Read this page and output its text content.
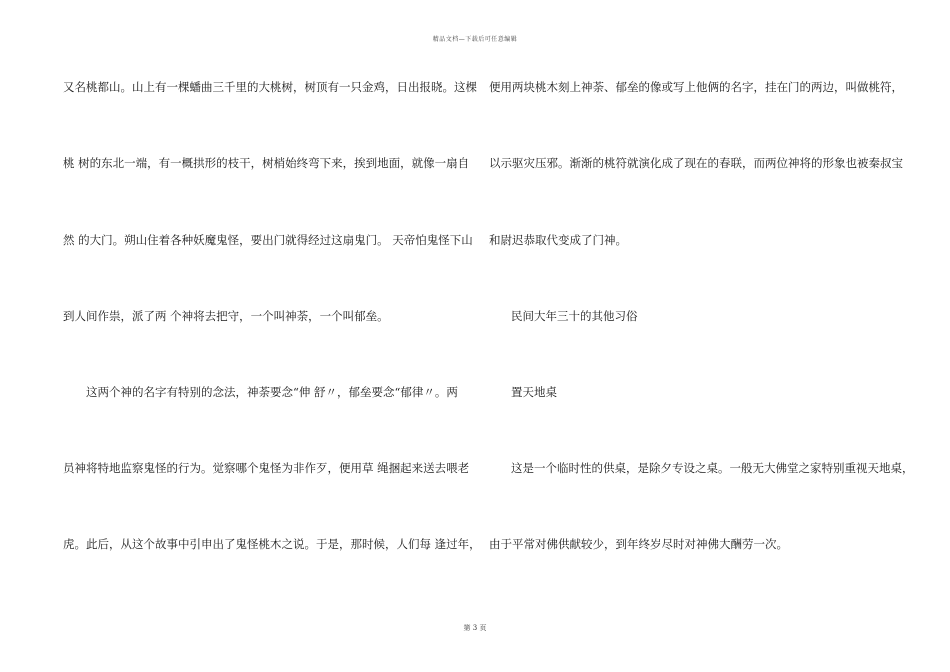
精品文档—下载后可任意编辑
又名桃都山。山上有一棵蟠曲三千里的大桃树，树顶有一只金鸡，日出报晓。这棵
桃 树的东北一端，有一概拱形的枝干，树梢始终弯下来，挨到地面，就像一扇自
然 的大门。朔山住着各种妖魔鬼怪，要出门就得经过这扇鬼门。 天帝怕鬼怪下山
到人间作祟，派了两 个神将去把守，一个叫神荼，一个叫郁垒。
这两个神的名字有特别的念法，神荼要念“伸 舒〃，郁垒要念“郁律〃。两
员神将特地监察鬼怪的行为。觉察哪个鬼怪为非作歹，便用草 绳捆起来送去喂老
虎。此后，从这个故事中引申出了鬼怪桃木之说。于是，那时候，人们每 逢过年，
便用两块桃木刻上神荼、郁垒的像或写上他俩的名字，挂在门的两边，叫做桃符，
以示驱灾压邪。渐渐的桃符就演化成了现在的春联，而两位神将的形象也被秦叔宝
和尉迟恭取代变成了门神。
民间大年三十的其他习俗
置天地桌
这是一个临时性的供桌，是除夕专设之桌。一般无大佛堂之家特别重视天地桌，
由于平常对佛供献较少，到年终岁尽时对神佛大酬劳一次。
第 3 页
